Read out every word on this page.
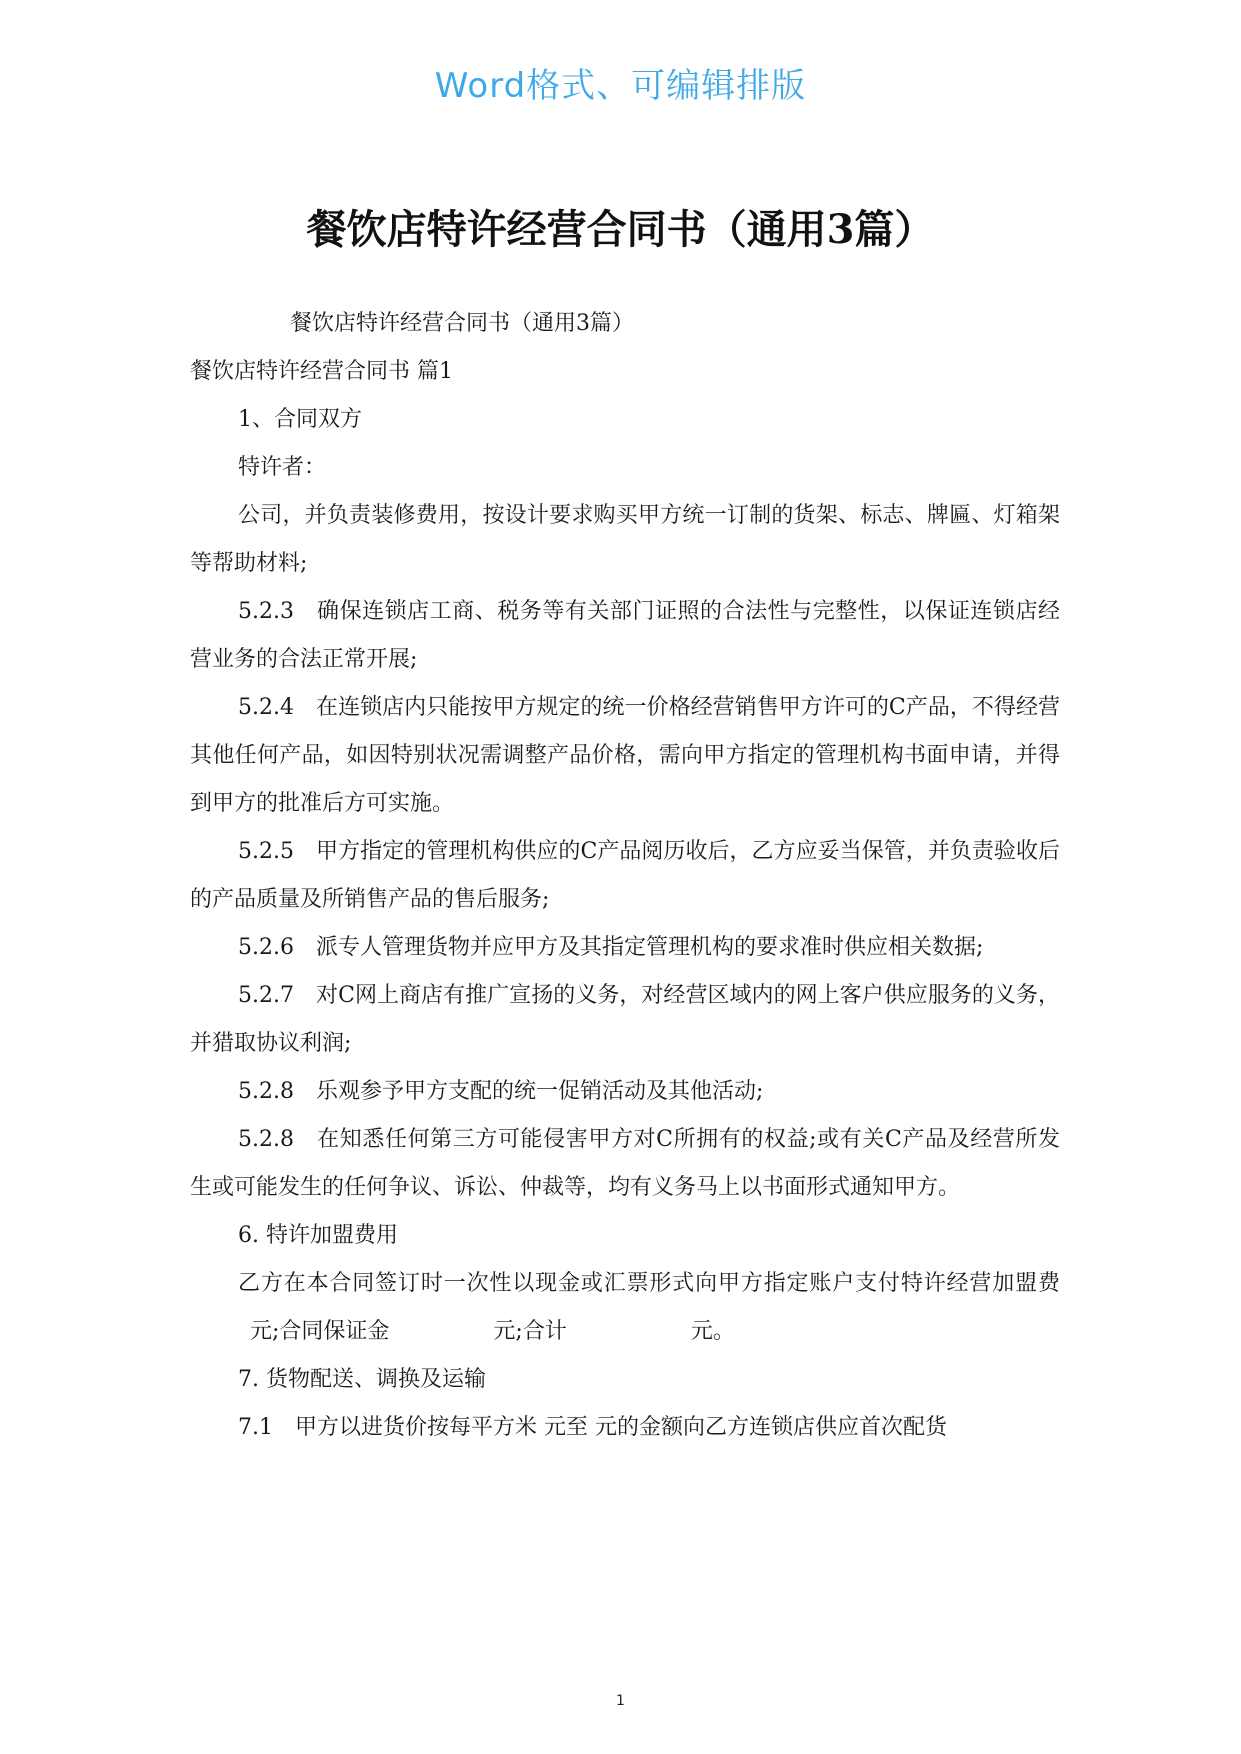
Word格式、可编辑排版
餐饮店特许经营合同书（通用3篇）

餐饮店特许经营合同书（通用3篇）

餐饮店特许经营合同书 篇1

1、合同双方

特许者：

公司，并负责装修费用，按设计要求购买甲方统一订制的货架、标志、牌匾、灯箱架等帮助材料;

5.2.3　确保连锁店工商、税务等有关部门证照的合法性与完整性，以保证连锁店经营业务的合法正常开展;

5.2.4　在连锁店内只能按甲方规定的统一价格经营销售甲方许可的C产品，不得经营其他任何产品，如因特别状况需调整产品价格，需向甲方指定的管理机构书面申请，并得到甲方的批准后方可实施。

5.2.5　甲方指定的管理机构供应的C产品阅历收后，乙方应妥当保管，并负责验收后的产品质量及所销售产品的售后服务;

5.2.6　派专人管理货物并应甲方及其指定管理机构的要求准时供应相关数据;

5.2.7　对C网上商店有推广宣扬的义务，对经营区域内的网上客户供应服务的义务，并猎取协议利润;

5.2.8　乐观参予甲方支配的统一促销活动及其他活动;

5.2.8　在知悉任何第三方可能侵害甲方对C所拥有的权益;或有关C产品及经营所发生或可能发生的任何争议、诉讼、仲裁等，均有义务马上以书面形式通知甲方。

6. 特许加盟费用

乙方在本合同签订时一次性以现金或汇票形式向甲方指定账户支付特许经营加盟费元;合同保证金	元;合计	元。

7. 货物配送、调换及运输

7.1　甲方以进货价按每平方米 元至 元的金额向乙方连锁店供应首次配货

1
